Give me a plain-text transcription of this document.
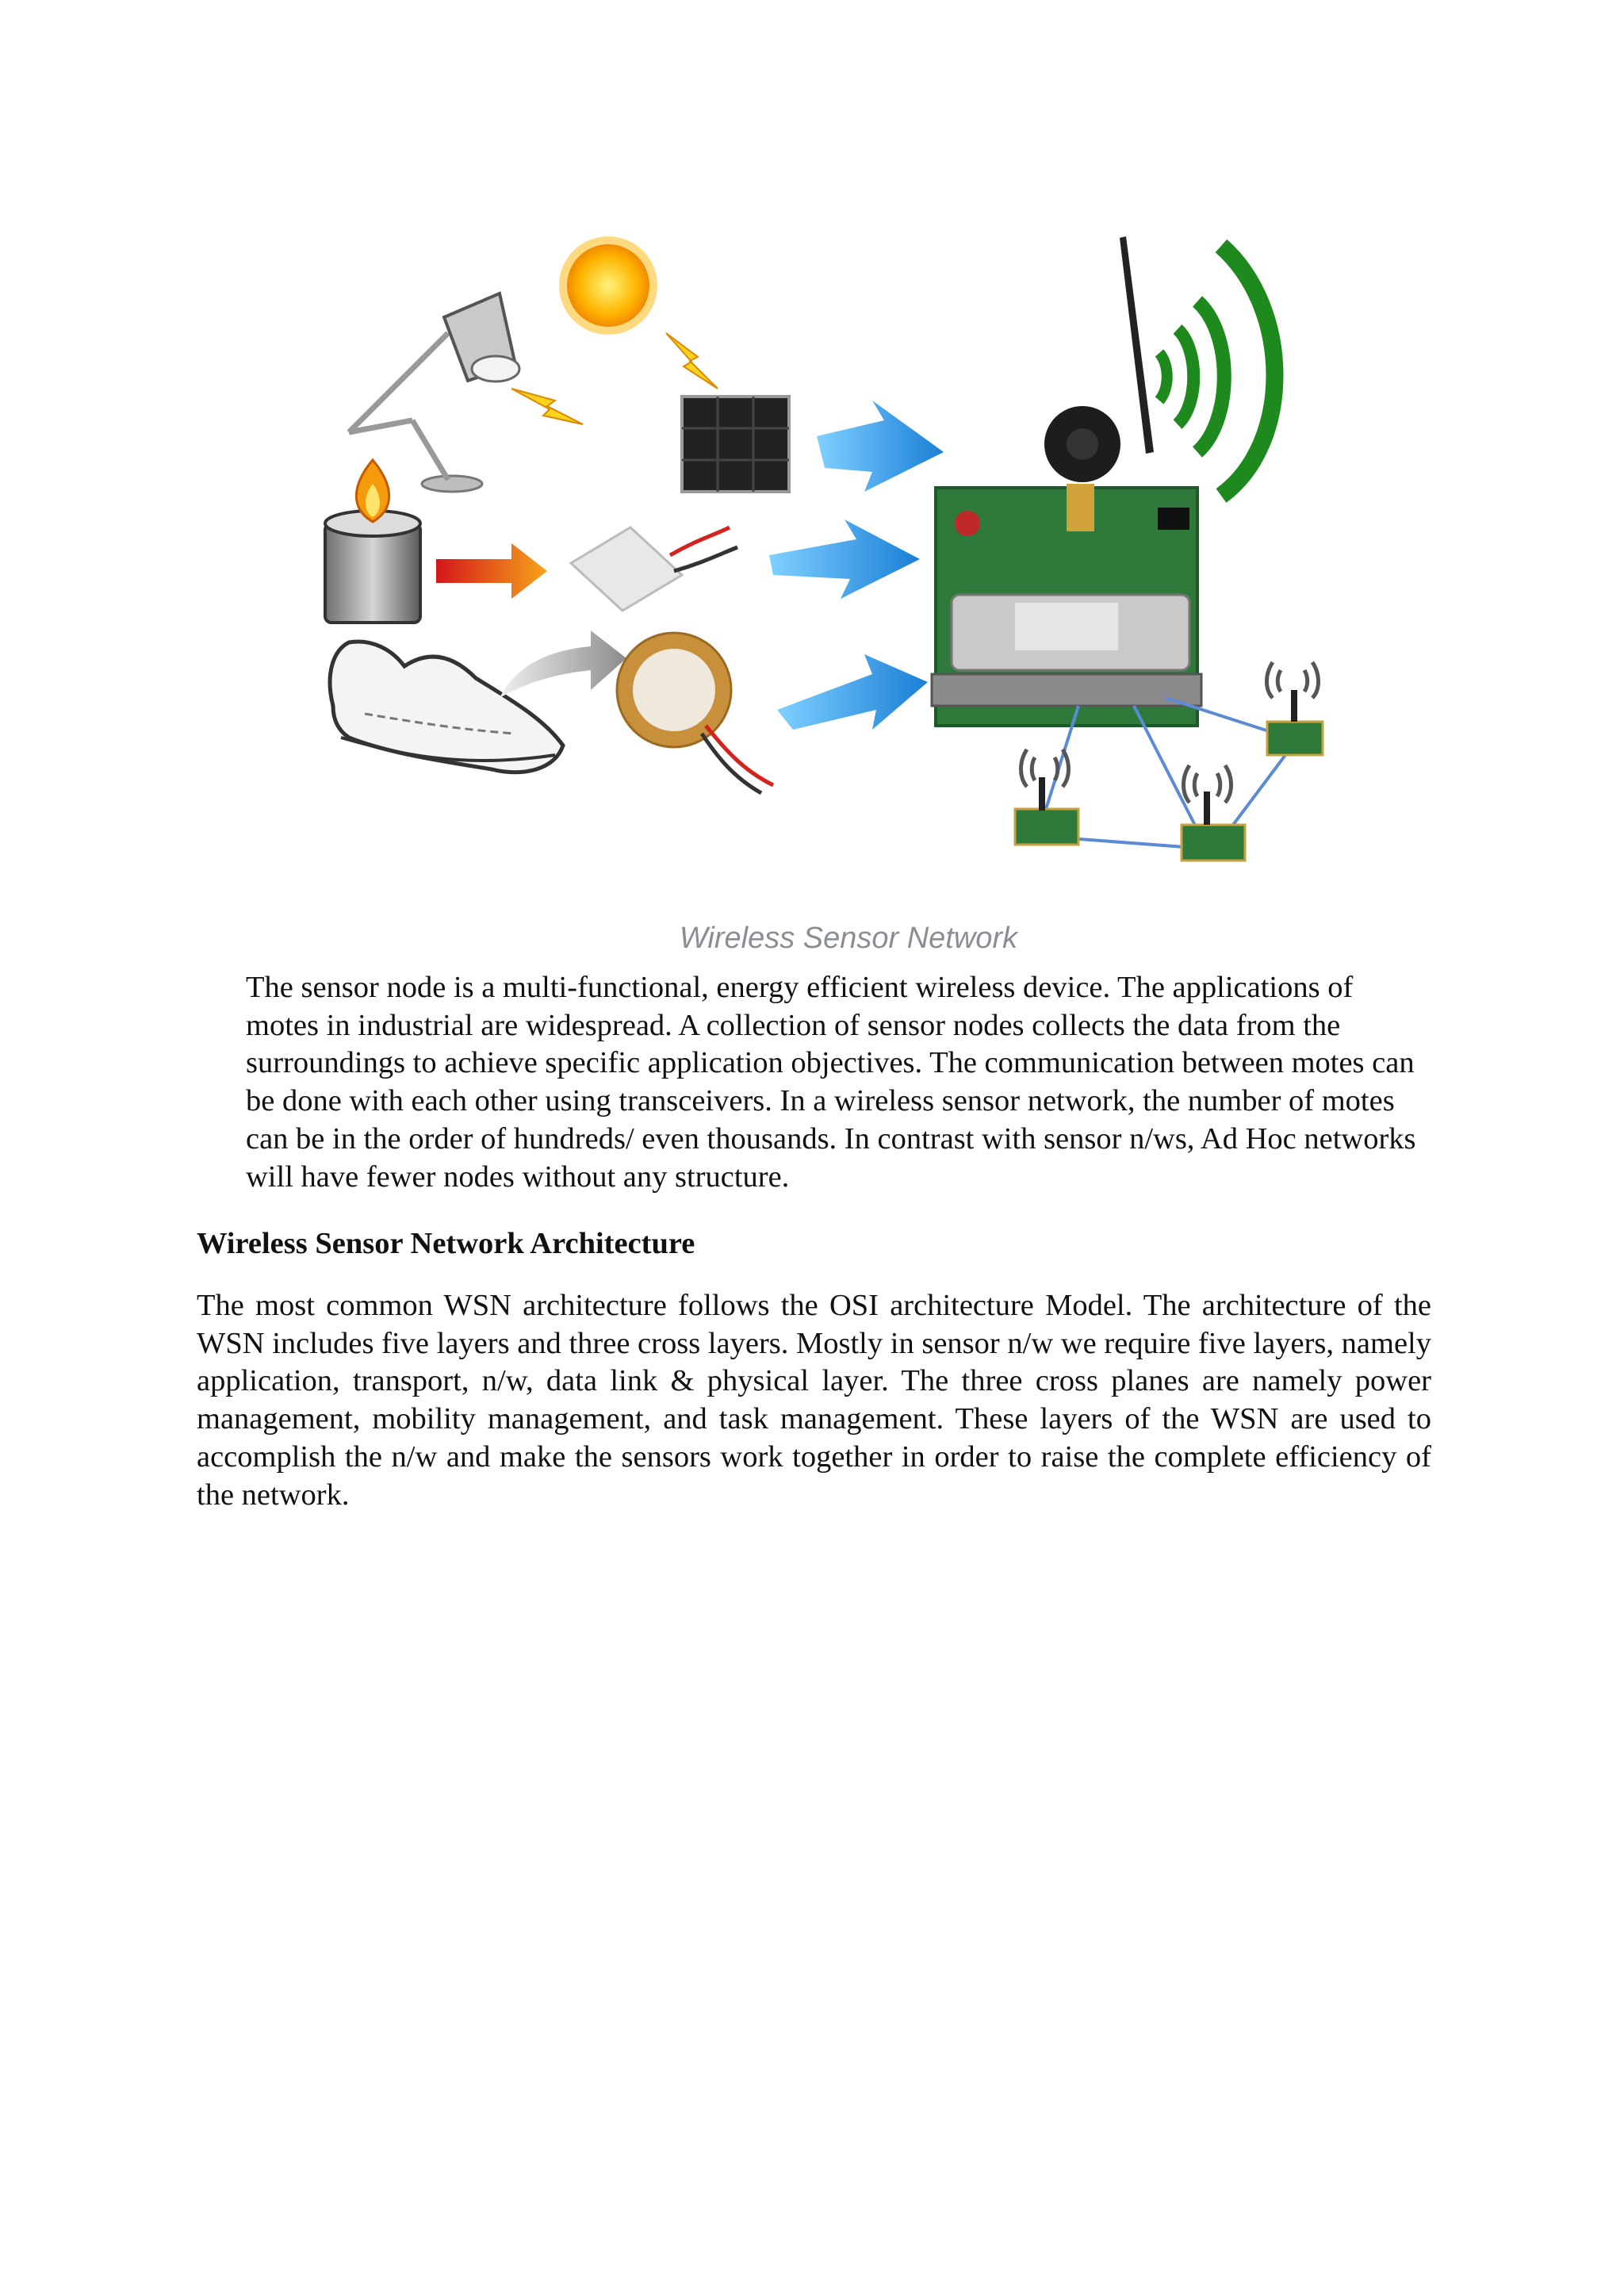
Wireless Sensor Network

The sensor node is a multi-functional, energy efficient wireless device. The applications of motes in industrial are widespread. A collection of sensor nodes collects the data from the surroundings to achieve specific application objectives. The communication between motes can be done with each other using transceivers. In a wireless sensor network, the number of motes can be in the order of hundreds/ even thousands. In contrast with sensor n/ws, Ad Hoc networks will have fewer nodes without any structure.

Wireless Sensor Network Architecture

The most common WSN architecture follows the OSI architecture Model. The architecture of the WSN includes five layers and three cross layers. Mostly in sensor n/w we require five layers, namely application, transport, n/w, data link & physical layer. The three cross planes are namely power management, mobility management, and task management. These layers of the WSN are used to accomplish the n/w and make the sensors work together in order to raise the complete efficiency of the network.
